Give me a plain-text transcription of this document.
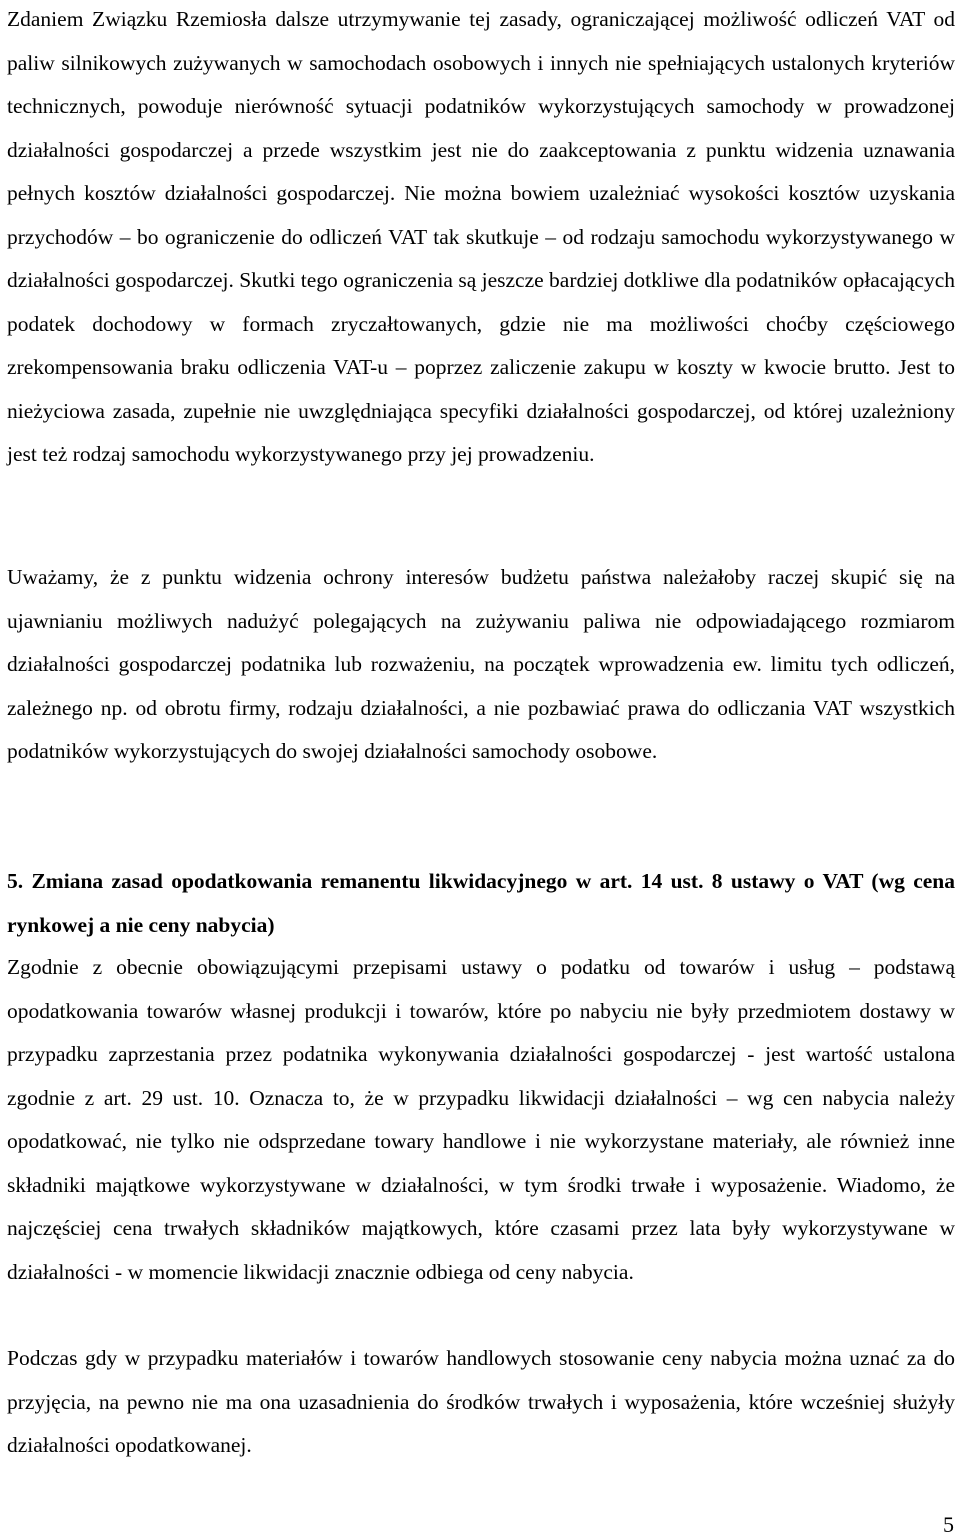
Zdaniem Związku Rzemiosła dalsze utrzymywanie tej zasady, ograniczającej możliwość odliczeń VAT od paliw silnikowych zużywanych w samochodach osobowych i innych nie spełniających ustalonych kryteriów technicznych, powoduje nierówność sytuacji podatników wykorzystujących samochody w prowadzonej działalności gospodarczej a przede wszystkim jest nie do zaakceptowania z punktu widzenia uznawania pełnych kosztów działalności gospodarczej. Nie można bowiem uzależniać wysokości kosztów uzyskania przychodów – bo ograniczenie do odliczeń VAT tak skutkuje – od rodzaju samochodu wykorzystywanego w działalności gospodarczej. Skutki tego ograniczenia są jeszcze bardziej dotkliwe dla podatników opłacających podatek dochodowy w formach zryczałtowanych, gdzie nie ma możliwości choćby częściowego zrekompensowania braku odliczenia VAT-u – poprzez zaliczenie zakupu w koszty w kwocie brutto. Jest to nieżyciowa zasada, zupełnie nie uwzględniająca specyfiki działalności gospodarczej, od której uzależniony jest też rodzaj samochodu wykorzystywanego przy jej prowadzeniu.

Uważamy, że z punktu widzenia ochrony interesów budżetu państwa należałoby raczej skupić się na ujawnianiu możliwych nadużyć polegających na zużywaniu paliwa nie odpowiadającego rozmiarom działalności gospodarczej podatnika lub rozważeniu, na początek wprowadzenia ew. limitu tych odliczeń, zależnego np. od obrotu firmy, rodzaju działalności, a nie pozbawiać prawa do odliczania VAT wszystkich podatników wykorzystujących do swojej działalności samochody osobowe.

5. Zmiana zasad opodatkowania remanentu likwidacyjnego w art. 14 ust. 8 ustawy o VAT (wg cena rynkowej a nie ceny nabycia)

Zgodnie z obecnie obowiązującymi przepisami ustawy o podatku od towarów i usług – podstawą opodatkowania towarów własnej produkcji i towarów, które po nabyciu nie były przedmiotem dostawy w przypadku zaprzestania przez podatnika wykonywania działalności gospodarczej - jest wartość ustalona zgodnie z art. 29 ust. 10. Oznacza to, że w przypadku likwidacji działalności – wg cen nabycia należy opodatkować, nie tylko nie odsprzedane towary handlowe i nie wykorzystane materiały, ale również inne składniki majątkowe wykorzystywane w działalności, w tym środki trwałe i wyposażenie. Wiadomo, że najczęściej cena trwałych składników majątkowych, które czasami przez lata były wykorzystywane w działalności - w momencie likwidacji znacznie odbiega od ceny nabycia.

Podczas gdy w przypadku materiałów i towarów handlowych stosowanie ceny nabycia można uznać za do przyjęcia, na pewno nie ma ona uzasadnienia do środków trwałych i wyposażenia, które wcześniej służyły działalności opodatkowanej.

5
